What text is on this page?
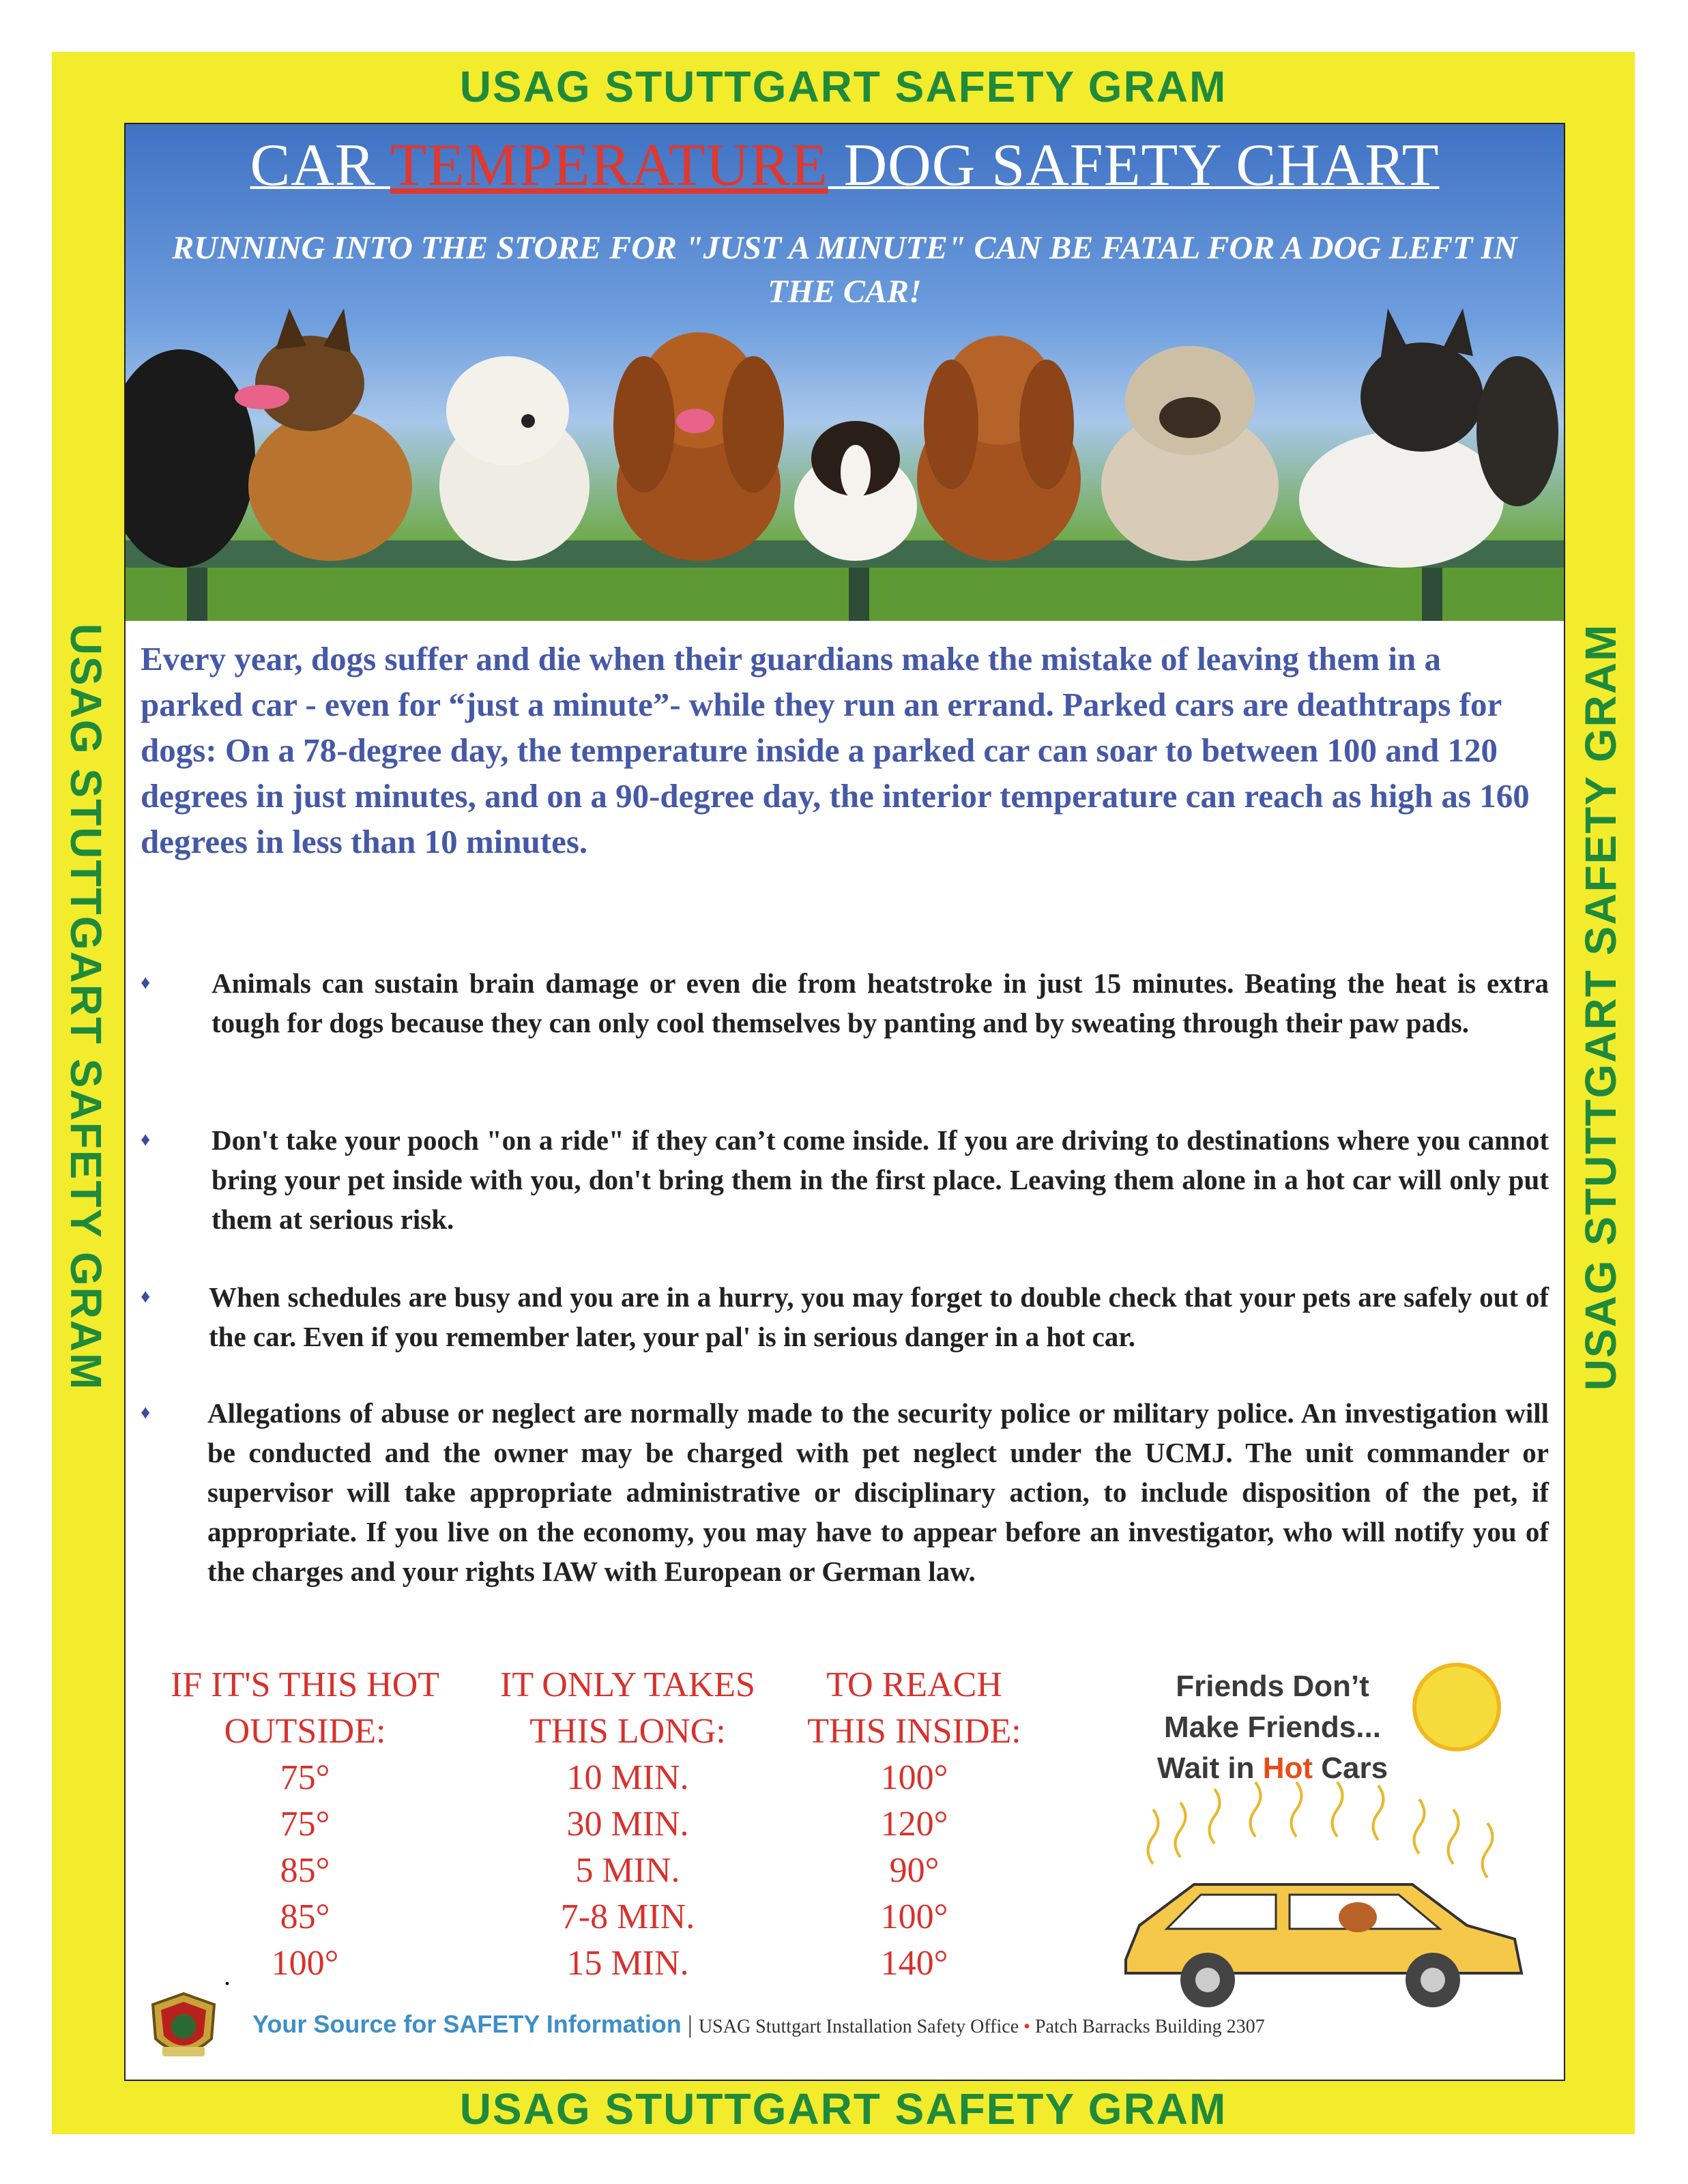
USAG STUTTGART SAFETY GRAM
USAG STUTTGART SAFETY GRAM
USAG STUTTGART SAFETY GRAM	USAG STUTTGART SAFETY GRAM
CAR TEMPERATURE DOG SAFETY CHART
RUNNING INTO THE STORE FOR "JUST A MINUTE" CAN BE FATAL FOR A DOG LEFT IN THE CAR!
Every year, dogs suffer and die when their guardians make the mistake of leaving them in a parked car - even for “just a minute”- while they run an errand. Parked cars are deathtraps for dogs: On a 78-degree day, the temperature inside a parked car can soar to between 100 and 120 degrees in just minutes, and on a 90-degree day, the interior temperature can reach as high as 160 degrees in less than 10 minutes.
♦ Animals can sustain brain damage or even die from heatstroke in just 15 minutes. Beating the heat is extra tough for dogs because they can only cool themselves by panting and by sweating through their paw pads.
♦ Don't take your pooch "on a ride" if they can’t come inside. If you are driving to destinations where you cannot bring your pet inside with you, don't bring them in the first place. Leaving them alone in a hot car will only put them at serious risk.
♦ When schedules are busy and you are in a hurry, you may forget to double check that your pets are safely out of the car. Even if you remember later, your pal' is in serious danger in a hot car.
♦ Allegations of abuse or neglect are normally made to the security police or military police. An investigation will be conducted and the owner may be charged with pet neglect under the UCMJ. The unit commander or supervisor will take appropriate administrative or disciplinary action, to include disposition of the pet, if appropriate. If you live on the economy, you may have to appear before an investigator, who will notify you of the charges and your rights IAW with European or German law.
IF IT'S THIS HOT
OUTSIDE:
75°
75°
85°
85°
100°
IT ONLY TAKES
THIS LONG:
10 MIN.
30 MIN.
5 MIN.
7-8 MIN.
15 MIN.
TO REACH
THIS INSIDE:
100°
120°
90°
100°
140°
Friends Don’t
Make Friends...
Wait in Hot Cars
Your Source for SAFETY Information | USAG Stuttgart Installation Safety Office • Patch Barracks Building 2307
.
